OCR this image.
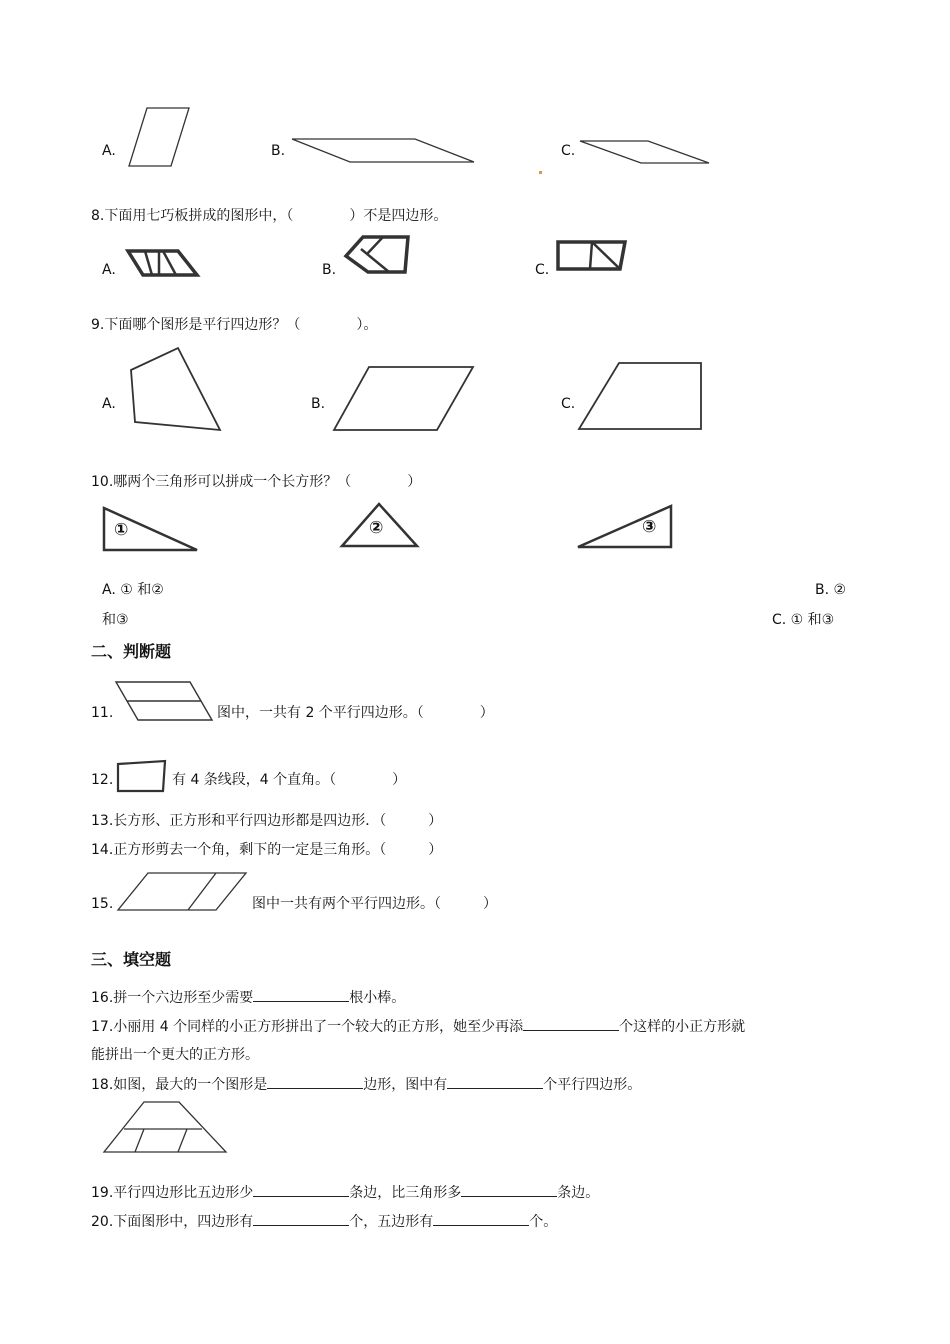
A.	B.	C.
8.下面用七巧板拼成的图形中，（　　　　）不是四边形。
A.	B.	C.
9.下面哪个图形是平行四边形？（　　　　）。
A.	B.	C.
10.哪两个三角形可以拼成一个长方形？（　　　　）
①	②	③
A. ① 和②	B. ②
和③	C. ① 和③
二、判断题
11.	图中，一共有 2 个平行四边形。（　　　　）
12.	有 4 条线段，4 个直角。（　　　　）
13.长方形、正方形和平行四边形都是四边形．（　　　）
14.正方形剪去一个角，剩下的一定是三角形。（　　　）
15.	图中一共有两个平行四边形。（　　　）
三、填空题
16.拼一个六边形至少需要	根小棒。
17.小丽用 4 个同样的小正方形拼出了一个较大的正方形，她至少再添	个这样的小正方形就
能拼出一个更大的正方形。
18.如图，最大的一个图形是	边形，图中有	个平行四边形。
19.平行四边形比五边形少	条边，比三角形多	条边。
20.下面图形中，四边形有	个，五边形有	个。
